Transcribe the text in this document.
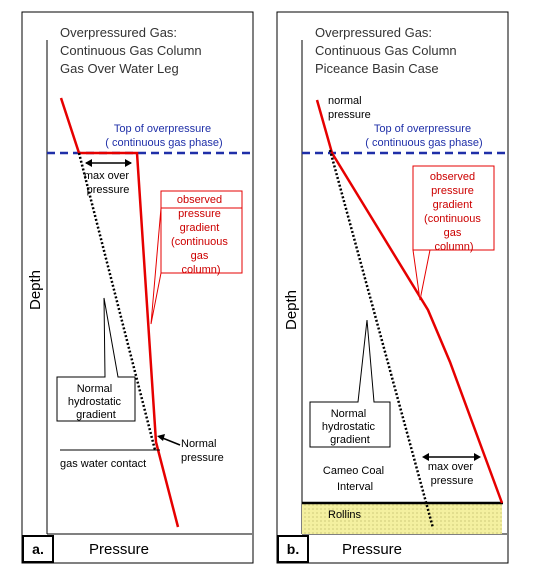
Overpressured Gas: Continuous Gas Column Gas Over Water Leg
Top of overpressure ( continuous gas phase)
max over pressure
observed pressure gradient (continuous gas column)
Normal hydrostatic gradient
gas water contact
Normal pressure
Depth
Pressure
a.
Overpressured Gas: Continuous Gas Column Piceance Basin Case
Rollins
normal pressure
Top of overpressure ( continuous gas phase)
observed pressure gradient (continuous gas column)
Normal hydrostatic gradient
Cameo Coal Interval
max over pressure
Depth
Pressure
b.
